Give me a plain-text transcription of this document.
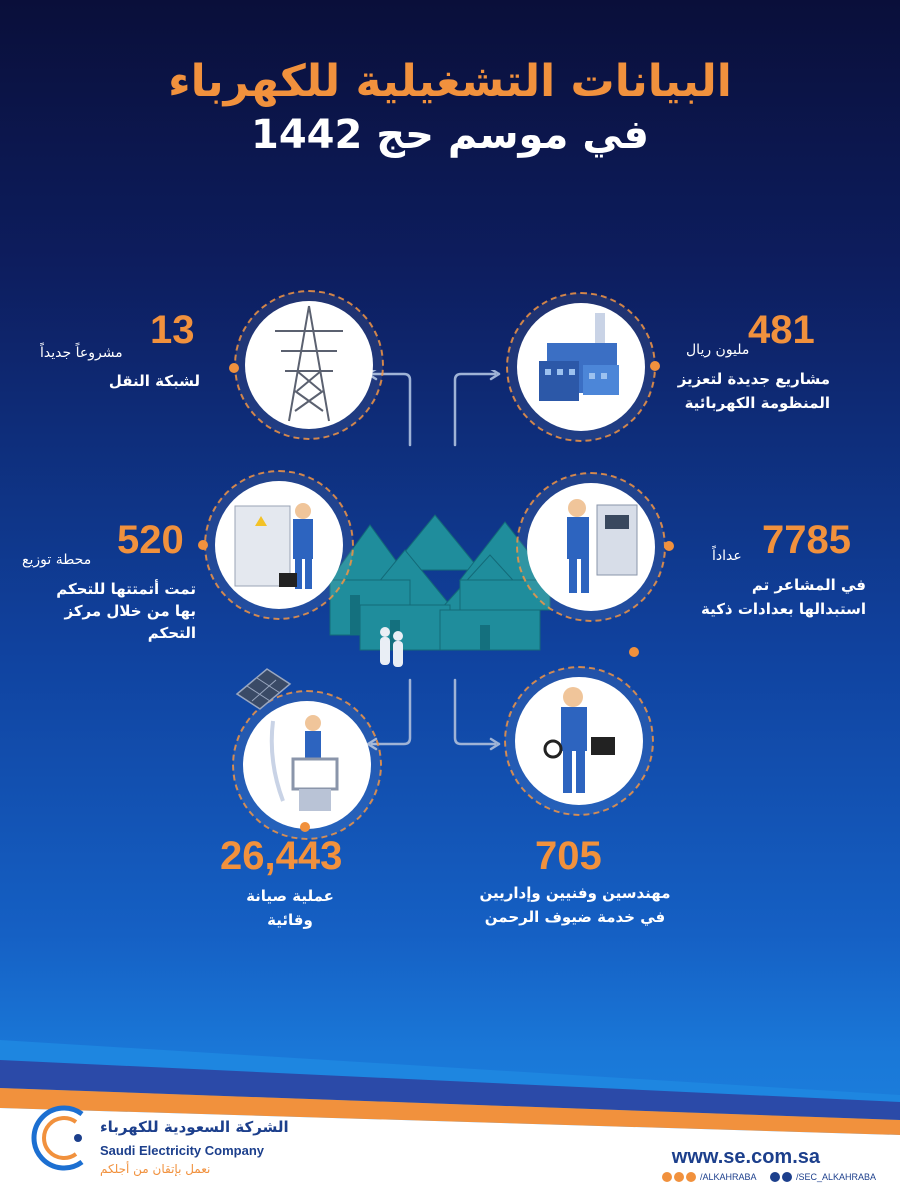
البيانات التشغيلية للكهرباء
في موسم حج 1442
481
مليون ريال
مشاريع جديدة لتعزيز
المنظومة الكهربائية
13
مشروعاً جديداً
لشبكة النقل
7785
عداداً
في المشاعر تم
استبدالها بعدادات ذكية
520
محطة توزيع
تمت أتمتتها للتحكم
بها من خلال مركز
التحكم
705
مهندسين وفنيين وإداريين
في خدمة ضيوف الرحمن
26,443
عملية صيانة
وقائية
الشركة السعودية للكهرباء
Saudi Electricity Company
نعمل بإتقان من أجلكم
www.se.com.sa
/ALKAHRABA	/SEC_ALKAHRABA
